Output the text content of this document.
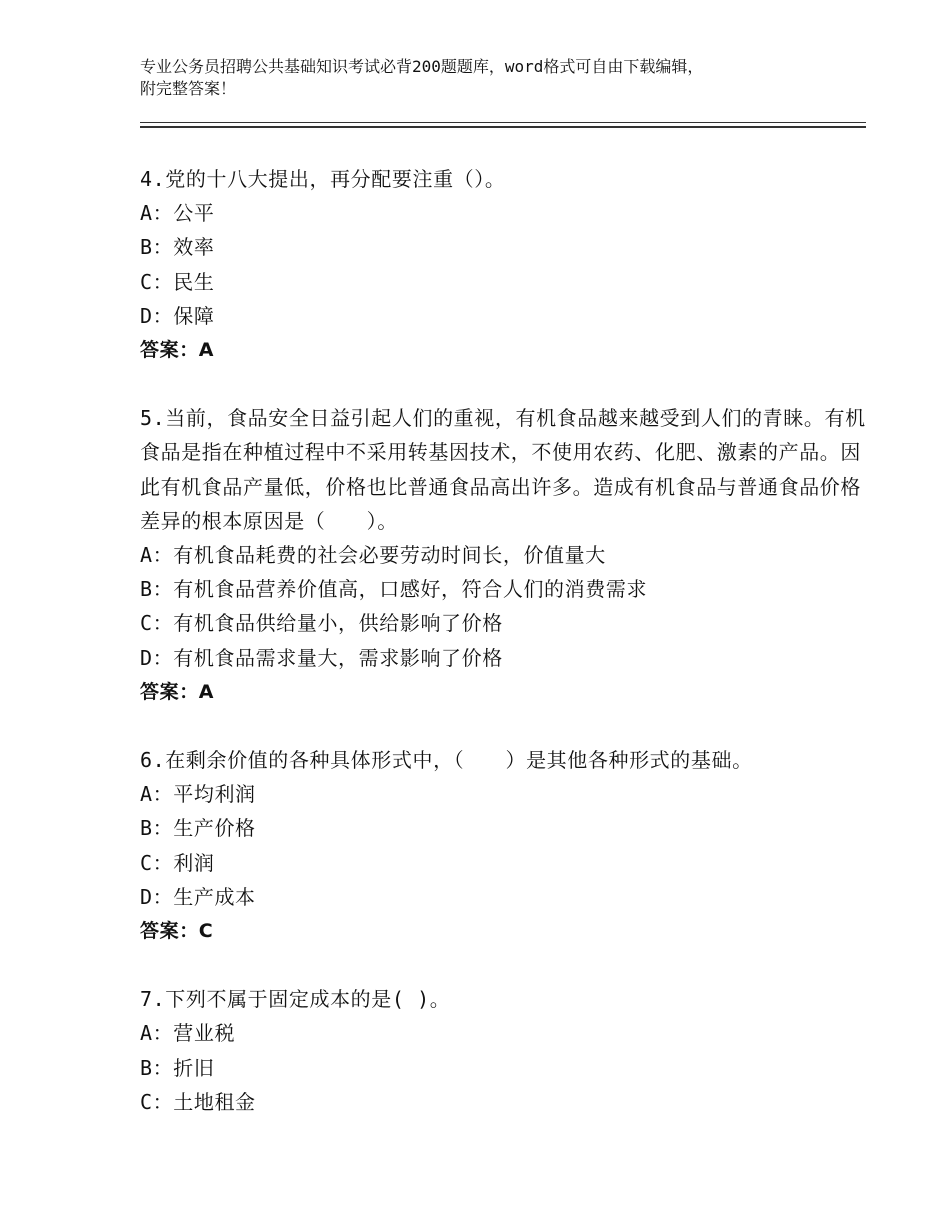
专业公务员招聘公共基础知识考试必背200题题库，word格式可自由下载编辑，
附完整答案！

4.党的十八大提出，再分配要注重（）。

A：公平

B：效率

C：民生

D：保障

答案：A

5.当前，食品安全日益引起人们的重视，有机食品越来越受到人们的青睐。有机食品是指在种植过程中不采用转基因技术，不使用农药、化肥、激素的产品。因此有机食品产量低，价格也比普通食品高出许多。造成有机食品与普通食品价格差异的根本原因是（　　）。

A：有机食品耗费的社会必要劳动时间长，价值量大

B：有机食品营养价值高，口感好，符合人们的消费需求

C：有机食品供给量小，供给影响了价格

D：有机食品需求量大，需求影响了价格

答案：A

6.在剩余价值的各种具体形式中，（　　）是其他各种形式的基础。

A：平均利润

B：生产价格

C：利润

D：生产成本

答案：C

7.下列不属于固定成本的是( )。

A：营业税

B：折旧

C：土地租金
